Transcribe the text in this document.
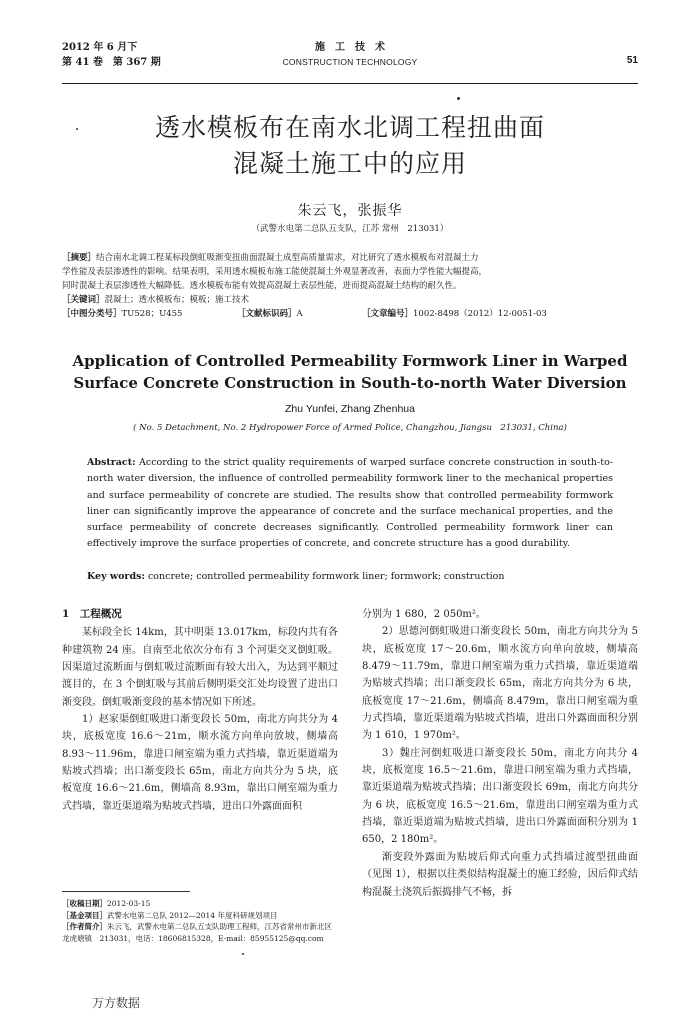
2012 年 6 月下
第 41 卷　第 367 期
施　工　技　术
CONSTRUCTION TECHNOLOGY	51
透水模板布在南水北调工程扭曲面
混凝土施工中的应用
朱云飞，张振华
（武警水电第二总队五支队，江苏 常州　213031）
［摘要］结合南水北调工程某标段倒虹吸渐变扭曲面混凝土成型高质量需求，对比研究了透水模板布对混凝土力
学性能及表层渗透性的影响。结果表明，采用透水模板布施工能使混凝土外观显著改善，表面力学性能大幅提高，
同时混凝土表层渗透性大幅降低。透水模板布能有效提高混凝土表层性能，进而提高混凝土结构的耐久性。
［关键词］混凝土；透水模板布；模板；施工技术
［中图分类号］TU528；U455	［文献标识码］A	［文章编号］1002-8498（2012）12-0051-03
Application of Controlled Permeability Formwork Liner in Warped
Surface Concrete Construction in South-to-north Water Diversion
Zhu Yunfei, Zhang Zhenhua
( No. 5 Detachment, No. 2 Hydropower Force of Armed Police, Changzhou, Jiangsu　213031, China)
Abstract: According to the strict quality requirements of warped surface concrete construction in south-to-north water diversion, the influence of controlled permeability formwork liner to the mechanical properties and surface permeability of concrete are studied. The results show that controlled permeability formwork liner can significantly improve the appearance of concrete and the surface mechanical properties, and the surface permeability of concrete decreases significantly. Controlled permeability formwork liner can effectively improve the surface properties of concrete, and concrete structure has a good durability.
Key words: concrete; controlled permeability formwork liner; formwork; construction
1　工程概况

某标段全长 14km，其中明渠 13.017km，标段内共有各种建筑物 24 座。自南至北依次分布有 3 个河渠交叉倒虹吸。因渠道过流断面与倒虹吸过流断面有较大出入，为达到平顺过渡目的，在 3 个倒虹吸与其前后侧明渠交汇处均设置了进出口渐变段。倒虹吸渐变段的基本情况如下所述。

1）赵家渠倒虹吸进口渐变段长 50m，南北方向共分为 4 块，底板宽度 16.6～21m，顺水流方向单向放坡，侧墙高 8.93～11.96m，靠进口闸室端为重力式挡墙，靠近渠道端为贴坡式挡墙；出口渐变段长 65m，南北方向共分为 5 块，底板宽度 16.6～21.6m，侧墙高 8.93m，靠出口闸室端为重力式挡墙，靠近渠道端为贴坡式挡墙，进出口外露面面积

分别为 1 680，2 050m²。

2）思德河倒虹吸进口渐变段长 50m，南北方向共分为 5 块，底板宽度 17～20.6m，顺水流方向单向放坡，侧墙高 8.479～11.79m，靠进口闸室端为重力式挡墙，靠近渠道端为贴坡式挡墙；出口渐变段长 65m，南北方向共分为 6 块，底板宽度 17～21.6m，侧墙高 8.479m，靠出口闸室端为重力式挡墙，靠近渠道端为贴坡式挡墙，进出口外露面面积分别为 1 610，1 970m²。

3）魏庄河倒虹吸进口渐变段长 50m，南北方向共分 4 块，底板宽度 16.5～21.6m，靠进口闸室端为重力式挡墙，靠近渠道端为贴坡式挡墙；出口渐变段长 69m，南北方向共分为 6 块，底板宽度 16.5～21.6m，靠进出口闸室端为重力式挡墙，靠近渠道端为贴坡式挡墙，进出口外露面面积分别为 1 650，2 180m²。

渐变段外露面为贴坡后仰式向重力式挡墙过渡型扭曲面（见图 1），根据以往类似结构混凝土的施工经验，因后仰式结构混凝土浇筑后振捣排气不畅，拆

［收稿日期］2012-03-15
［基金项目］武警水电第二总队 2012—2014 年度科研规划项目
［作者简介］朱云飞，武警水电第二总队五支队助理工程师，江苏省常州市新北区龙虎塘镇　213031，电话：18606815328，E-mail：85955125@qq.com
万方数据
